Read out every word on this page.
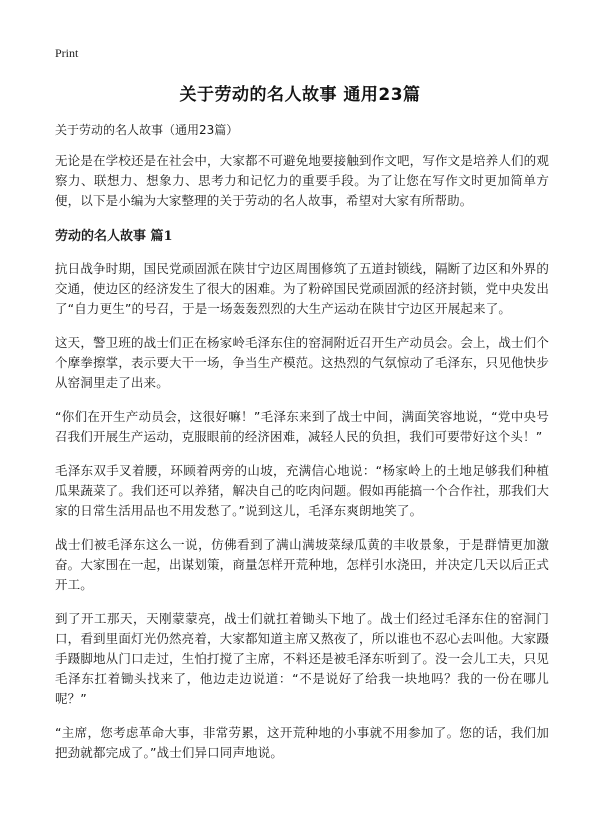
Print
关于劳动的名人故事 通用23篇

关于劳动的名人故事（通用23篇）

无论是在学校还是在社会中，大家都不可避免地要接触到作文吧，写作文是培养人们的观察力、联想力、想象力、思考力和记忆力的重要手段。为了让您在写作文时更加简单方便，以下是小编为大家整理的关于劳动的名人故事，希望对大家有所帮助。

劳动的名人故事 篇1

抗日战争时期，国民党顽固派在陕甘宁边区周围修筑了五道封锁线，隔断了边区和外界的交通，使边区的经济发生了很大的困难。为了粉碎国民党顽固派的经济封锁，党中央发出了“自力更生”的号召，于是一场轰轰烈烈的大生产运动在陕甘宁边区开展起来了。

这天，警卫班的战士们正在杨家岭毛泽东住的窑洞附近召开生产动员会。会上，战士们个个摩拳擦掌，表示要大干一场，争当生产模范。这热烈的气氛惊动了毛泽东，只见他快步从窑洞里走了出来。

“你们在开生产动员会，这很好嘛！”毛泽东来到了战士中间，满面笑容地说，“党中央号召我们开展生产运动，克服眼前的经济困难，减轻人民的负担，我们可要带好这个头！”

毛泽东双手叉着腰，环顾着两旁的山坡，充满信心地说：“杨家岭上的土地足够我们种植瓜果蔬菜了。我们还可以养猪，解决自己的吃肉问题。假如再能搞一个合作社，那我们大家的日常生活用品也不用发愁了。”说到这儿，毛泽东爽朗地笑了。

战士们被毛泽东这么一说，仿佛看到了满山满坡菜绿瓜黄的丰收景象，于是群情更加激奋。大家围在一起，出谋划策，商量怎样开荒种地，怎样引水浇田，并决定几天以后正式开工。

到了开工那天，天刚蒙蒙亮，战士们就扛着锄头下地了。战士们经过毛泽东住的窑洞门口，看到里面灯光仍然亮着，大家都知道主席又熬夜了，所以谁也不忍心去叫他。大家蹑手蹑脚地从门口走过，生怕打搅了主席，不料还是被毛泽东听到了。没一会儿工夫，只见毛泽东扛着锄头找来了，他边走边说道：“不是说好了给我一块地吗？我的一份在哪儿呢？”

“主席，您考虑革命大事，非常劳累，这开荒种地的小事就不用参加了。您的话，我们加把劲就都完成了。”战士们异口同声地说。
